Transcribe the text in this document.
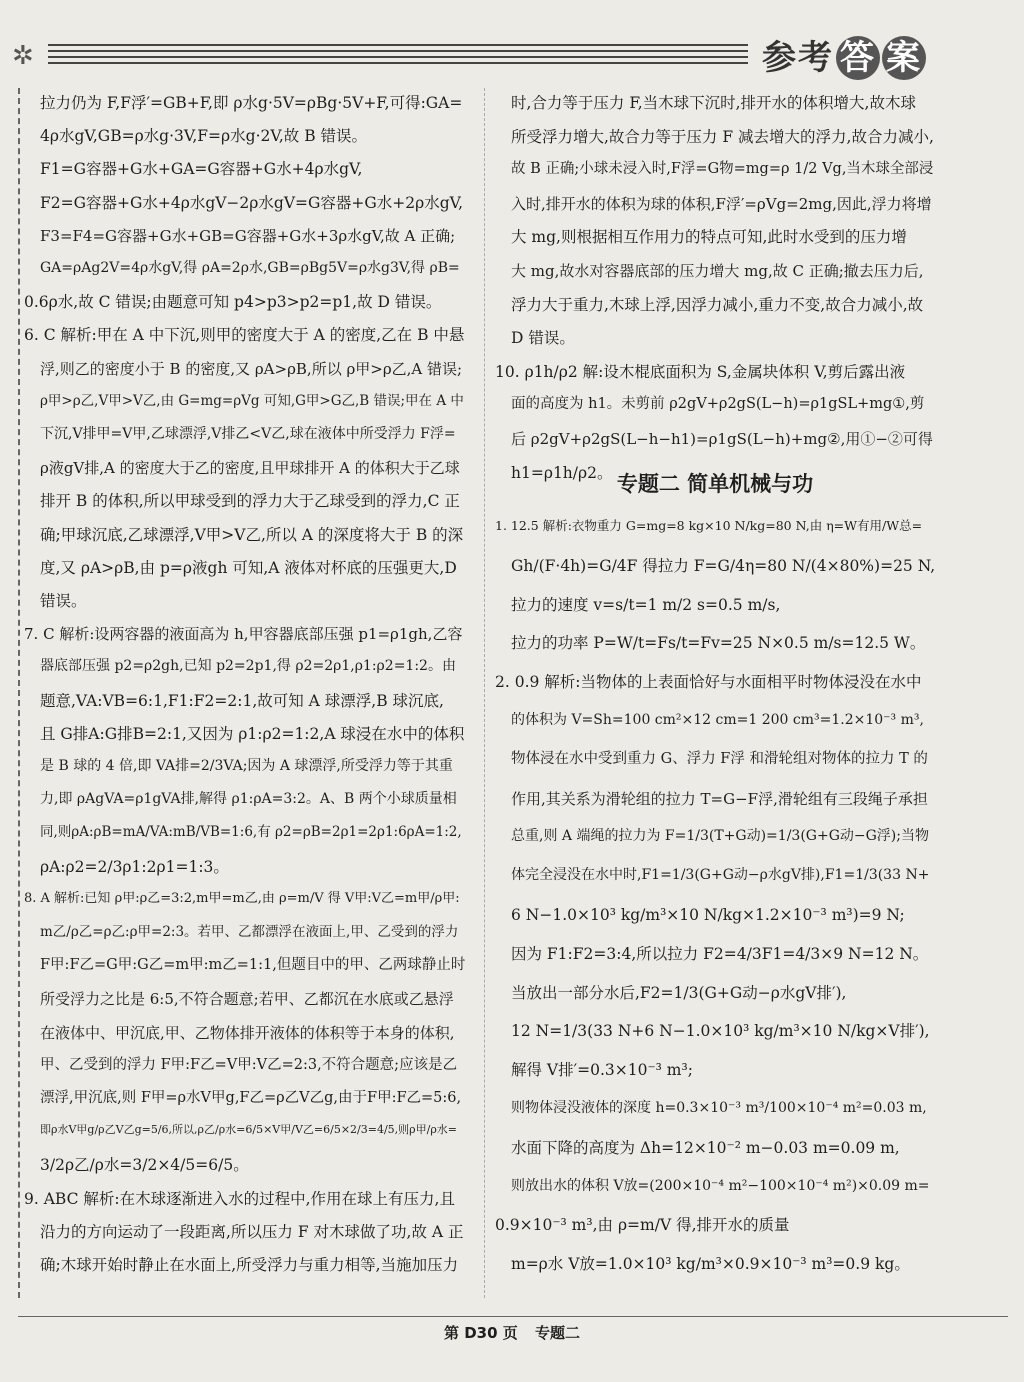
✲	参考 答 案
拉力仍为 F,F浮′=GB+F,即 ρ水g·5V=ρBg·5V+F,可得:GA=
4ρ水gV,GB=ρ水g·3V,F=ρ水g·2V,故 B 错误。
F1=G容器+G水+GA=G容器+G水+4ρ水gV,
F2=G容器+G水+4ρ水gV−2ρ水gV=G容器+G水+2ρ水gV,
F3=F4=G容器+G水+GB=G容器+G水+3ρ水gV,故 A 正确;
GA=ρAg2V=4ρ水gV,得 ρA=2ρ水,GB=ρBg5V=ρ水g3V,得 ρB=
0.6ρ水,故 C 错误;由题意可知 p4>p3>p2=p1,故 D 错误。
6. C 解析:甲在 A 中下沉,则甲的密度大于 A 的密度,乙在 B 中悬
浮,则乙的密度小于 B 的密度,又 ρA>ρB,所以 ρ甲>ρ乙,A 错误;
ρ甲>ρ乙,V甲>V乙,由 G=mg=ρVg 可知,G甲>G乙,B 错误;甲在 A 中
下沉,V排甲=V甲,乙球漂浮,V排乙<V乙,球在液体中所受浮力 F浮=
ρ液gV排,A 的密度大于乙的密度,且甲球排开 A 的体积大于乙球
排开 B 的体积,所以甲球受到的浮力大于乙球受到的浮力,C 正
确;甲球沉底,乙球漂浮,V甲>V乙,所以 A 的深度将大于 B 的深
度,又 ρA>ρB,由 p=ρ液gh 可知,A 液体对杯底的压强更大,D
错误。
7. C 解析:设两容器的液面高为 h,甲容器底部压强 p1=ρ1gh,乙容
器底部压强 p2=ρ2gh,已知 p2=2p1,得 ρ2=2ρ1,ρ1:ρ2=1:2。由
题意,VA:VB=6:1,F1:F2=2:1,故可知 A 球漂浮,B 球沉底,
且 G排A:G排B=2:1,又因为 ρ1:ρ2=1:2,A 球浸在水中的体积
是 B 球的 4 倍,即 VA排=2/3VA;因为 A 球漂浮,所受浮力等于其重
力,即 ρAgVA=ρ1gVA排,解得 ρ1:ρA=3:2。A、B 两个小球质量相
同,则ρA:ρB=mA/VA:mB/VB=1:6,有 ρ2=ρB=2ρ1=2ρ1:6ρA=1:2,
ρA:ρ2=2/3ρ1:2ρ1=1:3。
8. A 解析:已知 ρ甲:ρ乙=3:2,m甲=m乙,由 ρ=m/V 得 V甲:V乙=m甲/ρ甲:
m乙/ρ乙=ρ乙:ρ甲=2:3。若甲、乙都漂浮在液面上,甲、乙受到的浮力
F甲:F乙=G甲:G乙=m甲:m乙=1:1,但题目中的甲、乙两球静止时
所受浮力之比是 6:5,不符合题意;若甲、乙都沉在水底或乙悬浮
在液体中、甲沉底,甲、乙物体排开液体的体积等于本身的体积,
甲、乙受到的浮力 F甲:F乙=V甲:V乙=2:3,不符合题意;应该是乙
漂浮,甲沉底,则 F甲=ρ水V甲g,F乙=ρ乙V乙g,由于F甲:F乙=5:6,
即ρ水V甲g/ρ乙V乙g=5/6,所以,ρ乙/ρ水=6/5×V甲/V乙=6/5×2/3=4/5,则ρ甲/ρ水=
3/2ρ乙/ρ水=3/2×4/5=6/5。
9. ABC 解析:在木球逐渐进入水的过程中,作用在球上有压力,且
沿力的方向运动了一段距离,所以压力 F 对木球做了功,故 A 正
确;木球开始时静止在水面上,所受浮力与重力相等,当施加压力
专题二 简单机械与功
时,合力等于压力 F,当木球下沉时,排开水的体积增大,故木球
所受浮力增大,故合力等于压力 F 减去增大的浮力,故合力减小,
故 B 正确;小球未浸入时,F浮=G物=mg=ρ 1/2 Vg,当木球全部浸
入时,排开水的体积为球的体积,F浮′=ρVg=2mg,因此,浮力将增
大 mg,则根据相互作用力的特点可知,此时水受到的压力增
大 mg,故水对容器底部的压力增大 mg,故 C 正确;撤去压力后,
浮力大于重力,木球上浮,因浮力减小,重力不变,故合力减小,故
D 错误。
10. ρ1h/ρ2 解:设木棍底面积为 S,金属块体积 V,剪后露出液
面的高度为 h1。未剪前 ρ2gV+ρ2gS(L−h)=ρ1gSL+mg①,剪
后 ρ2gV+ρ2gS(L−h−h1)=ρ1gS(L−h)+mg②,用①−②可得
h1=ρ1h/ρ2。
1. 12.5 解析:衣物重力 G=mg=8 kg×10 N/kg=80 N,由 η=W有用/W总=
Gh/(F·4h)=G/4F 得拉力 F=G/4η=80 N/(4×80%)=25 N,
拉力的速度 v=s/t=1 m/2 s=0.5 m/s,
拉力的功率 P=W/t=Fs/t=Fv=25 N×0.5 m/s=12.5 W。
2. 0.9 解析:当物体的上表面恰好与水面相平时物体浸没在水中
的体积为 V=Sh=100 cm²×12 cm=1 200 cm³=1.2×10⁻³ m³,
物体浸在水中受到重力 G、浮力 F浮 和滑轮组对物体的拉力 T 的
作用,其关系为滑轮组的拉力 T=G−F浮,滑轮组有三段绳子承担
总重,则 A 端绳的拉力为 F=1/3(T+G动)=1/3(G+G动−G浮);当物
体完全浸没在水中时,F1=1/3(G+G动−ρ水gV排),F1=1/3(33 N+
6 N−1.0×10³ kg/m³×10 N/kg×1.2×10⁻³ m³)=9 N;
因为 F1:F2=3:4,所以拉力 F2=4/3F1=4/3×9 N=12 N。
当放出一部分水后,F2=1/3(G+G动−ρ水gV排′),
12 N=1/3(33 N+6 N−1.0×10³ kg/m³×10 N/kg×V排′),
解得 V排′=0.3×10⁻³ m³;
则物体浸没液体的深度 h=0.3×10⁻³ m³/100×10⁻⁴ m²=0.03 m,
水面下降的高度为 Δh=12×10⁻² m−0.03 m=0.09 m,
则放出水的体积 V放=(200×10⁻⁴ m²−100×10⁻⁴ m²)×0.09 m=
0.9×10⁻³ m³,由 ρ=m/V 得,排开水的质量
m=ρ水 V放=1.0×10³ kg/m³×0.9×10⁻³ m³=0.9 kg。
第 D30 页 专题二
